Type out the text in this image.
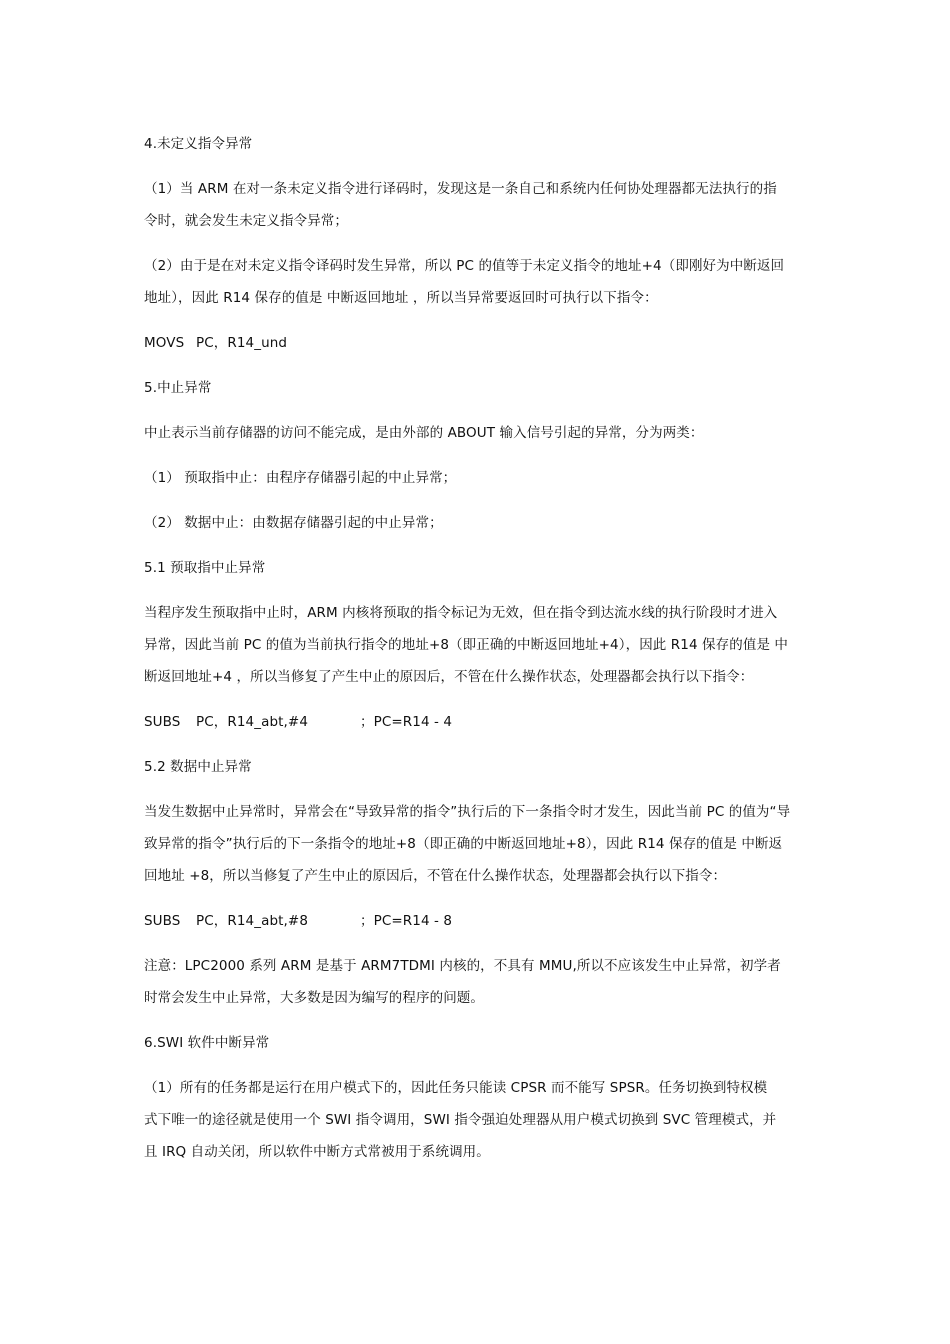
4.未定义指令异常
（1）当 ARM 在对一条未定义指令进行译码时，发现这是一条自己和系统内任何协处理器都无法执行的指
令时，就会发生未定义指令异常；
（2）由于是在对未定义指令译码时发生异常，所以 PC 的值等于未定义指令的地址+4（即刚好为中断返回
地址），因此 R14 保存的值是 中断返回地址 ，所以当异常要返回时可执行以下指令：
MOVS PC，R14_und
5.中止异常
中止表示当前存储器的访问不能完成，是由外部的 ABOUT 输入信号引起的异常，分为两类：
（1） 预取指中止：由程序存储器引起的中止异常；
（2） 数据中止：由数据存储器引起的中止异常；
5.1 预取指中止异常
当程序发生预取指中止时，ARM 内核将预取的指令标记为无效，但在指令到达流水线的执行阶段时才进入
异常，因此当前 PC 的值为当前执行指令的地址+8（即正确的中断返回地址+4），因此 R14 保存的值是 中
断返回地址+4 ，所以当修复了产生中止的原因后，不管在什么操作状态，处理器都会执行以下指令：
SUBS PC，R14_abt,#4	；PC=R14 - 4
5.2 数据中止异常
当发生数据中止异常时，异常会在“导致异常的指令”执行后的下一条指令时才发生，因此当前 PC 的值为“导
致异常的指令”执行后的下一条指令的地址+8（即正确的中断返回地址+8），因此 R14 保存的值是 中断返
回地址 +8，所以当修复了产生中止的原因后，不管在什么操作状态，处理器都会执行以下指令：
SUBS PC，R14_abt,#8	；PC=R14 - 8
注意：LPC2000 系列 ARM 是基于 ARM7TDMI 内核的，不具有 MMU,所以不应该发生中止异常，初学者
时常会发生中止异常，大多数是因为编写的程序的问题。
6.SWI 软件中断异常
（1）所有的任务都是运行在用户模式下的，因此任务只能读 CPSR 而不能写 SPSR。任务切换到特权模
式下唯一的途径就是使用一个 SWI 指令调用，SWI 指令强迫处理器从用户模式切换到 SVC 管理模式，并
且 IRQ 自动关闭，所以软件中断方式常被用于系统调用。
